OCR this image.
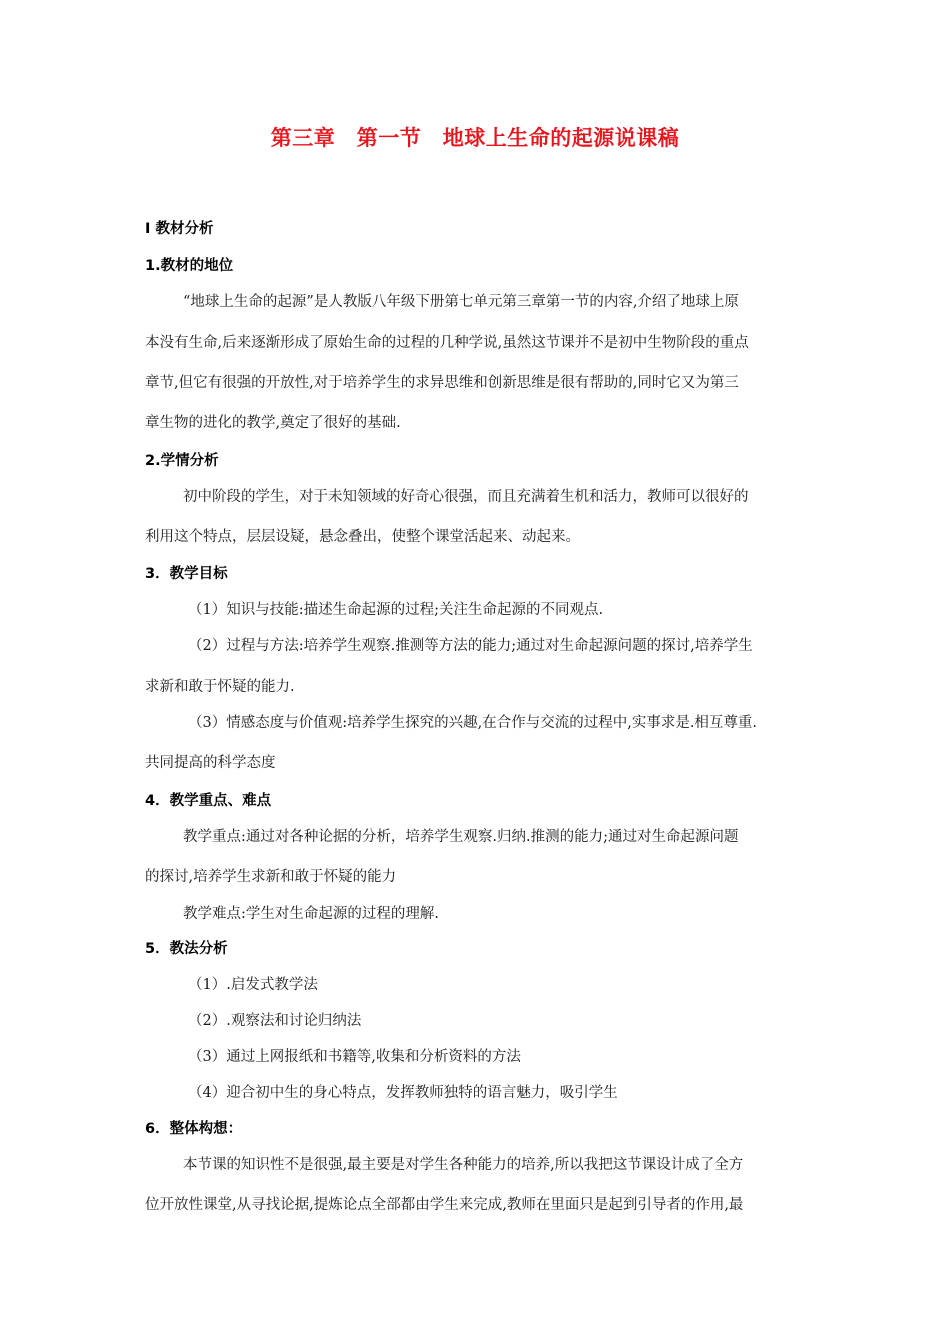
第三章　第一节　地球上生命的起源说课稿
Ⅰ 教材分析
1.教材的地位
“地球上生命的起源”是人教版八年级下册第七单元第三章第一节的内容,介绍了地球上原
本没有生命,后来逐渐形成了原始生命的过程的几种学说,虽然这节课并不是初中生物阶段的重点
章节,但它有很强的开放性,对于培养学生的求异思维和创新思维是很有帮助的,同时它又为第三
章生物的进化的教学,奠定了很好的基础.
2.学情分析
初中阶段的学生，对于未知领域的好奇心很强，而且充满着生机和活力，教师可以很好的
利用这个特点，层层设疑，悬念叠出，使整个课堂活起来、动起来。
3．教学目标
（1）知识与技能:描述生命起源的过程;关注生命起源的不同观点.
（2）过程与方法:培养学生观察.推测等方法的能力;通过对生命起源问题的探讨,培养学生
求新和敢于怀疑的能力.
（3）情感态度与价值观:培养学生探究的兴趣,在合作与交流的过程中,实事求是.相互尊重.
共同提高的科学态度
4．教学重点、难点
教学重点:通过对各种论据的分析，培养学生观察.归纳.推测的能力;通过对生命起源问题
的探讨,培养学生求新和敢于怀疑的能力
教学难点:学生对生命起源的过程的理解.
5．教法分析
（1）.启发式教学法
（2）.观察法和讨论归纳法
（3）通过上网报纸和书籍等,收集和分析资料的方法
（4）迎合初中生的身心特点，发挥教师独特的语言魅力，吸引学生
6．整体构想：
本节课的知识性不是很强,最主要是对学生各种能力的培养,所以我把这节课设计成了全方
位开放性课堂,从寻找论据,提炼论点全部都由学生来完成,教师在里面只是起到引导者的作用,最
